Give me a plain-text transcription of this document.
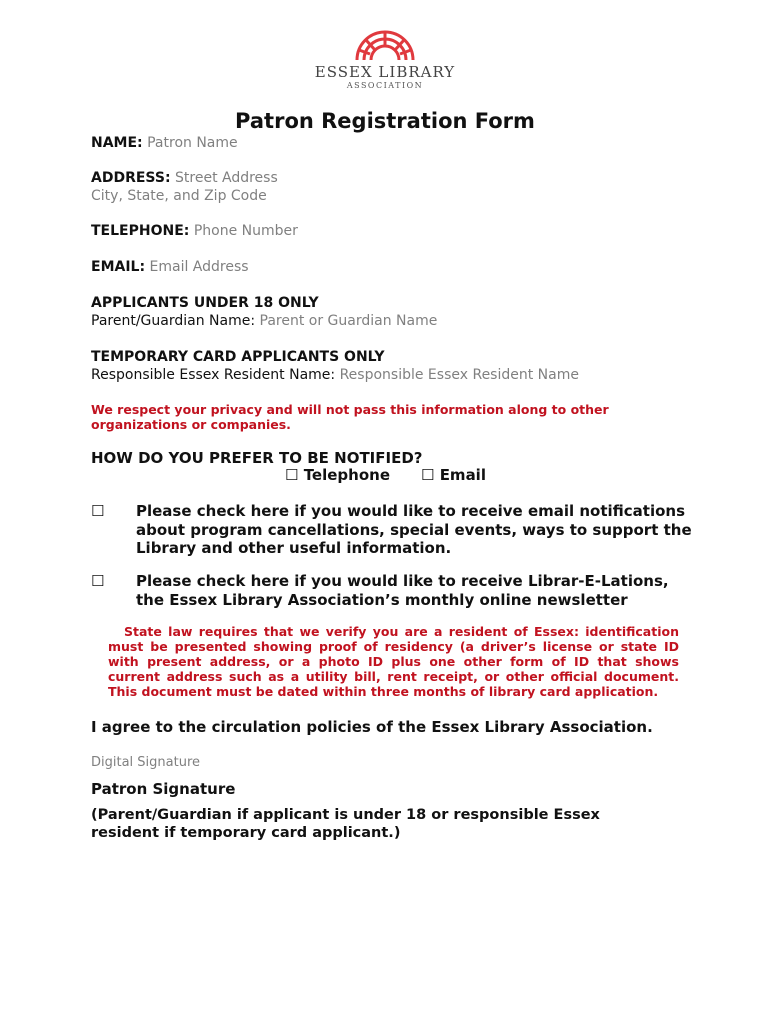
ESSEX LIBRARY
ASSOCIATION
Patron Registration Form
NAME: Patron Name
ADDRESS: Street Address
City, State, and Zip Code
TELEPHONE: Phone Number
EMAIL: Email Address
APPLICANTS UNDER 18 ONLY
Parent/Guardian Name: Parent or Guardian Name
TEMPORARY CARD APPLICANTS ONLY
Responsible Essex Resident Name: Responsible Essex Resident Name
We respect your privacy and will not pass this information along to other
organizations or companies.
HOW DO YOU PREFER TO BE NOTIFIED?
☐ Telephone ☐ Email
☐ Please check here if you would like to receive email notifications about program cancellations, special events, ways to support the Library and other useful information.
☐ Please check here if you would like to receive Librar-E-Lations, the Essex Library Association’s monthly online newsletter
State law requires that we verify you are a resident of Essex: identification must be presented showing proof of residency (a driver’s license or state ID with present address, or a photo ID plus one other form of ID that shows current address such as a utility bill, rent receipt, or other official document. This document must be dated within three months of library card application.
I agree to the circulation policies of the Essex Library Association.
Digital Signature
Patron Signature
(Parent/Guardian if applicant is under 18 or responsible Essex
resident if temporary card applicant.)
